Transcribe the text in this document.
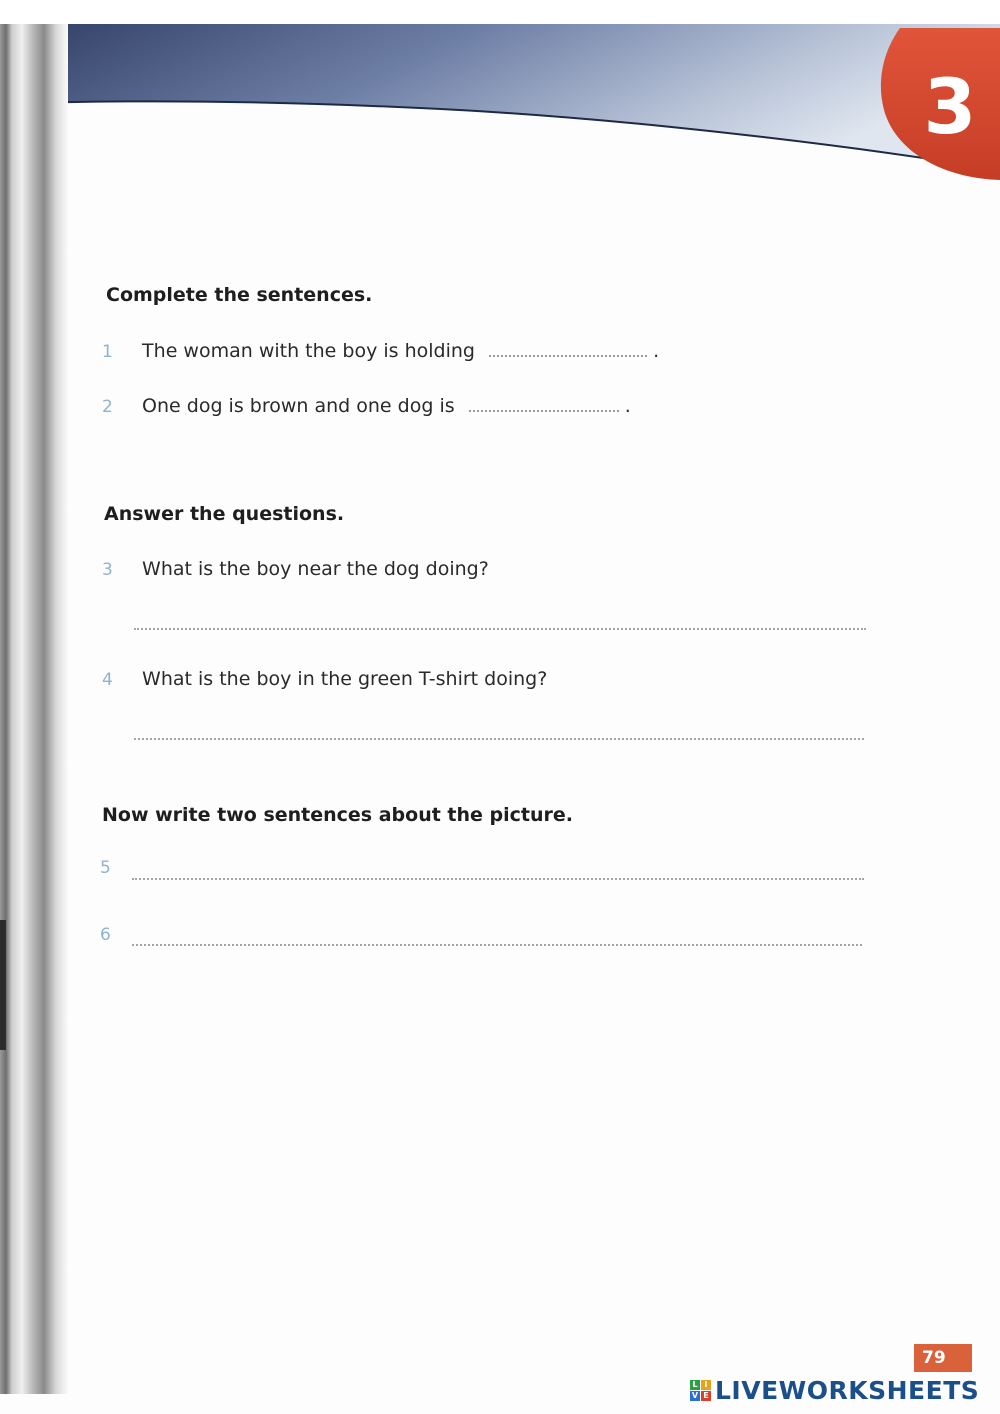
3
Complete the sentences.
1 The woman with the boy is holding	.
2 One dog is brown and one dog is	.
Answer the questions.
3 What is the boy near the dog doing?
4 What is the boy in the green T-shirt doing?
Now write two sentences about the picture.
5
6
79
L I
V E LIVEWORKSHEETS
